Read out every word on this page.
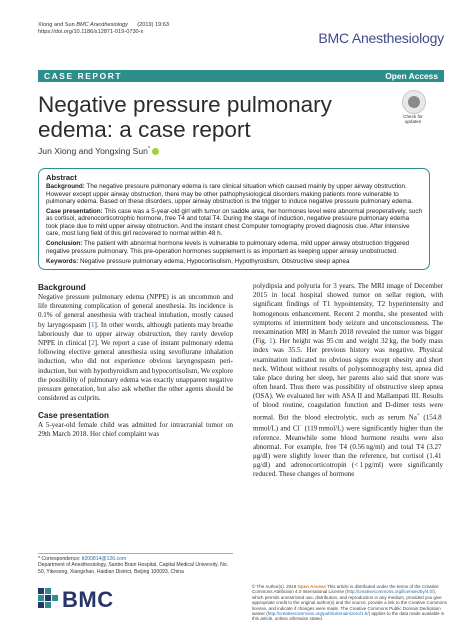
Xiong and Sun BMC Anesthesiology      (2019) 19:63
https://doi.org/10.1186/s12871-019-0730-x	BMC Anesthesiology
CASE REPORT	Open Access
Negative pressure pulmonary edema: a case report
Check for
updates
Jun Xiong and Yongxing Sun*
Abstract

Background: The negative pressure pulmonary edema is rare clinical situation which caused mainly by upper airway obstruction. However except upper airway obstruction, there may be other pathophysiological disorders making patients more vulnerable to pulmonary edema. Based on these disorders, upper airway obstruction is the trigger to induce negative pressure pulmonary edema.

Case presentation: This case was a 5-year-old girl with tumor on saddle area, her hormones level were abnormal preoperatively, such as cortisol, adrenocorticotrophic hormone, free T4 and total T4. During the stage of induction, negative pressure pulmonary edema took place due to mild upper airway obstruction. And the instant chest Computer tomography proved diagnosis clue. After intensive care, most lung field of this girl recovered to normal within 48 h.

Conclusion: The patient with abnormal hormone levels is vulnerable to pulmonary edema, mild upper airway obstruction triggered negative pressure pulmonary. This pre-operation hormones supplement is as important as keeping upper airway unobstructed.

Keywords: Negative pressure pulmonary edema, Hypocortisolism, Hypothyroidism, Obstructive sleep apnea

Background

Negative pressure pulmonary edema (NPPE) is an uncommon and life threatening complication of general anesthesia. Its incidence is 0.1% of general anesthesia with tracheal intubation, mostly caused by laryngospasm [1]. In other words, although patients may breathe laboriously due to upper airway obstruction, they rarely develop NPPE in clinical [2]. We report a case of instant pulmonary edema following elective general anesthesia using sevoflurane inhalation induction, who did not experience obvious laryngospasm peri-induction, but with hypothyroidism and hypocortisolism, We explore the possibility of pulmonary edema was exactly unapparent negative pressure generation, but also ask whether the other agents should be considered as culprits.

Case presentation

A 5-year-old female child was admitted for intracranial tumor on 29th March 2018. Her chief complaint was

polydipsia and polyuria for 3 years. The MRI image of December 2015 in local hospital showed tumor on sellar region, with significant findings of T1 hypointensity, T2 hyperintensity and homogenous enhancement. Recent 2 months, she presented with symptoms of intermittent body seizure and unconsciousness. The reexamination MRI in March 2018 revealed the tumor was bigger (Fig. 1). Her height was 95 cm and weight 32 kg, the body mass index was 35.5. Her previous history was negative. Physical examination indicated no obvious signs except obesity and short neck. Without without results of polysomnography test, apnea did take place during her sleep, her parents also said that snore was often heard. Thus there was possibility of obstructive sleep apnea (OSA). We evaluated her with ASA II and Mallampati III. Results of blood routine, coagulation function and D-dimer tests were normal. But the blood electrolytic, such as serum Na+ (154.8 mmol/L) and Cl− (119 mmol/L) were significantly higher than the reference. Meanwhile some blood hormone results were also abnormal. For example, free T4 (0.56 ng/ml) and total T4 (3.27 μg/dl) were slightly lower than the reference, but cortisol (1.41 μg/dl) and adrenocorticotropin (< 1 pg/ml) were significantly reduced. These changes of hormone

* Correspondence: lt200814@126.com
Department of Anesthesiology, Sanbo Brain Hospital, Capital Medical University, No. 50, Yikesong, Xiangshan, Haidian District, Beijing 100093, China
BMC
© The Author(s). 2019 Open Access This article is distributed under the terms of the Creative Commons Attribution 4.0 International License (http://creativecommons.org/licenses/by/4.0/), which permits unrestricted use, distribution, and reproduction in any medium, provided you give appropriate credit to the original author(s) and the source, provide a link to the Creative Commons license, and indicate if changes were made. The Creative Commons Public Domain Dedication waiver (http://creativecommons.org/publicdomain/zero/1.0/) applies to the data made available in this article, unless otherwise stated.
